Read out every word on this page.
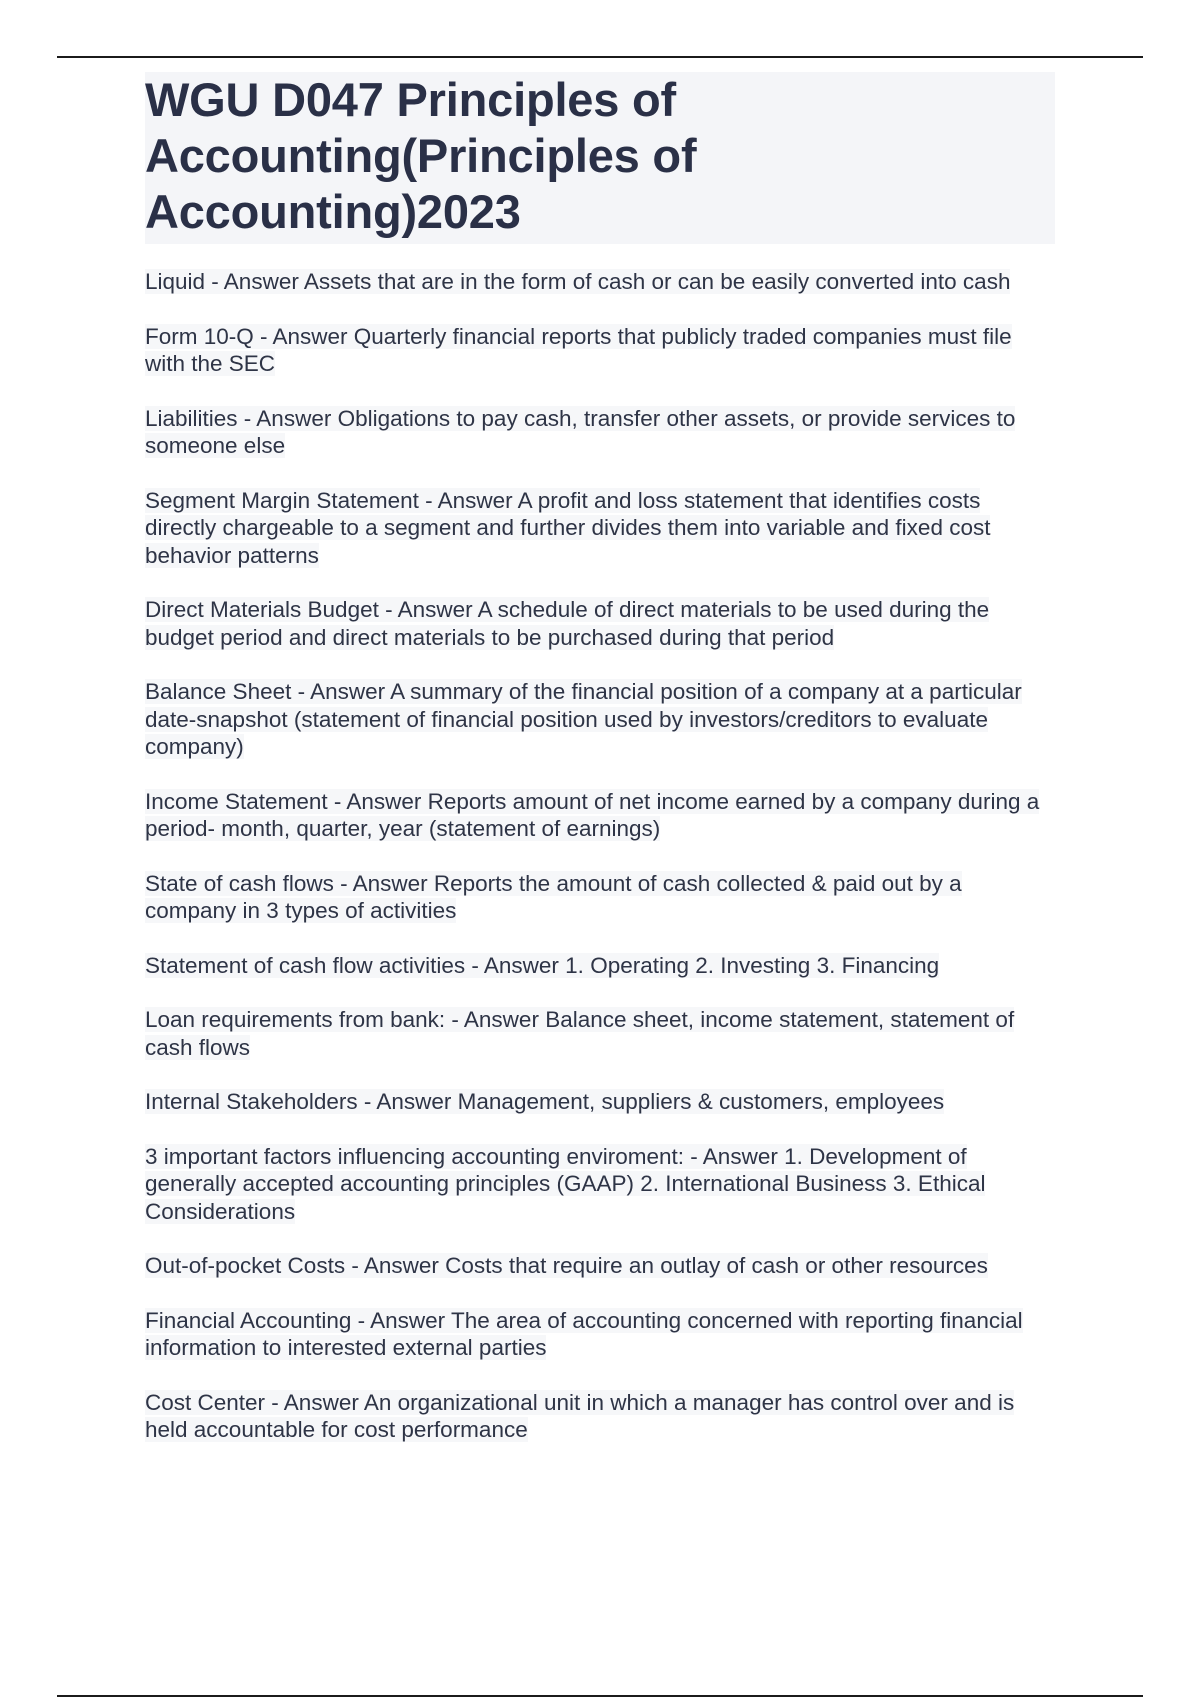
WGU D047 Principles of Accounting(Principles of Accounting)2023
Liquid - Answer Assets that are in the form of cash or can be easily converted into cash
Form 10-Q - Answer Quarterly financial reports that publicly traded companies must file with the SEC
Liabilities - Answer Obligations to pay cash, transfer other assets, or provide services to someone else
Segment Margin Statement - Answer A profit and loss statement that identifies costs directly chargeable to a segment and further divides them into variable and fixed cost behavior patterns
Direct Materials Budget - Answer A schedule of direct materials to be used during the budget period and direct materials to be purchased during that period
Balance Sheet - Answer A summary of the financial position of a company at a particular date-snapshot (statement of financial position used by investors/creditors to evaluate company)
Income Statement - Answer Reports amount of net income earned by a company during a period- month, quarter, year (statement of earnings)
State of cash flows - Answer Reports the amount of cash collected & paid out by a company in 3 types of activities
Statement of cash flow activities - Answer 1. Operating 2. Investing 3. Financing
Loan requirements from bank: - Answer Balance sheet, income statement, statement of cash flows
Internal Stakeholders - Answer Management, suppliers & customers, employees
3 important factors influencing accounting enviroment: - Answer 1. Development of generally accepted accounting principles (GAAP) 2. International Business 3. Ethical Considerations
Out-of-pocket Costs - Answer Costs that require an outlay of cash or other resources
Financial Accounting - Answer The area of accounting concerned with reporting financial information to interested external parties
Cost Center - Answer An organizational unit in which a manager has control over and is held accountable for cost performance
